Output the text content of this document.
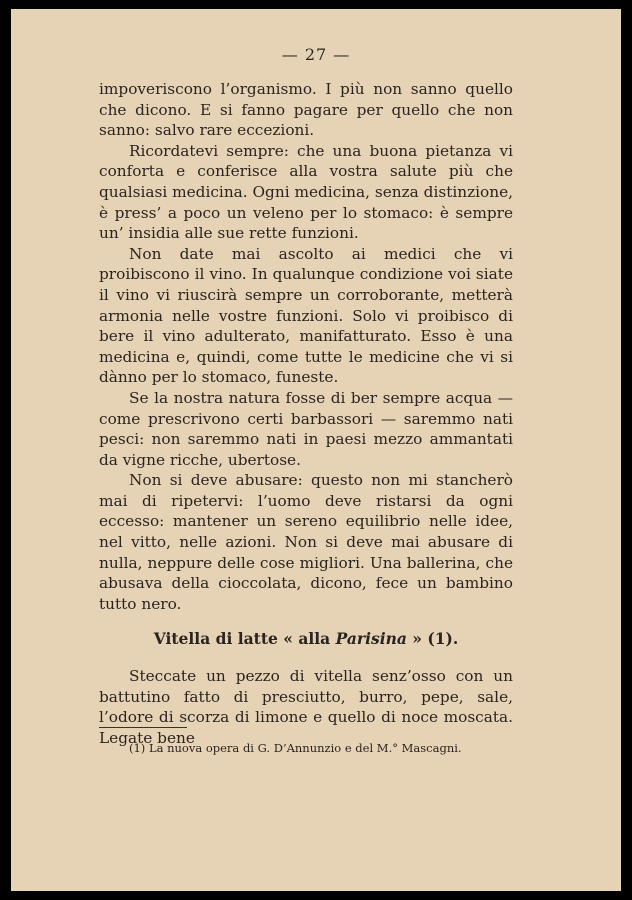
— 27 —

impoveriscono l’organismo. I più non sanno quello che dicono. E si fanno pagare per quello che non sanno: salvo rare eccezioni.

Ricordatevi sempre: che una buona pietanza vi conforta e conferisce alla vostra salute più che qualsiasi medicina. Ogni medicina, senza distinzione, è press’ a poco un veleno per lo stomaco: è sempre un’ insidia alle sue rette funzioni.

Non date mai ascolto ai medici che vi proibiscono il vino. In qualunque condizione voi siate il vino vi riuscirà sempre un corroborante, metterà armonia nelle vostre funzioni. Solo vi proibisco di bere il vino adulterato, manifatturato. Esso è una medicina e, quindi, come tutte le medicine che vi si dànno per lo stomaco, funeste.

Se la nostra natura fosse di ber sempre acqua — come prescrivono certi barbassori — saremmo nati pesci: non saremmo nati in paesi mezzo ammantati da vigne ricche, ubertose.

Non si deve abusare: questo non mi stancherò mai di ripetervi: l’uomo deve ristarsi da ogni eccesso: mantener un sereno equilibrio nelle idee, nel vitto, nelle azioni. Non si deve mai abusare di nulla, neppure delle cose migliori. Una ballerina, che abusava della cioccolata, dicono, fece un bambino tutto nero.

Vitella di latte « alla Parisina » (1).

Steccate un pezzo di vitella senz’osso con un battutino fatto di presciutto, burro, pepe, sale, l’odore di scorza di limone e quello di noce moscata. Legate bene

(1) La nuova opera di G. D’Annunzio e del M.° Mascagni.
